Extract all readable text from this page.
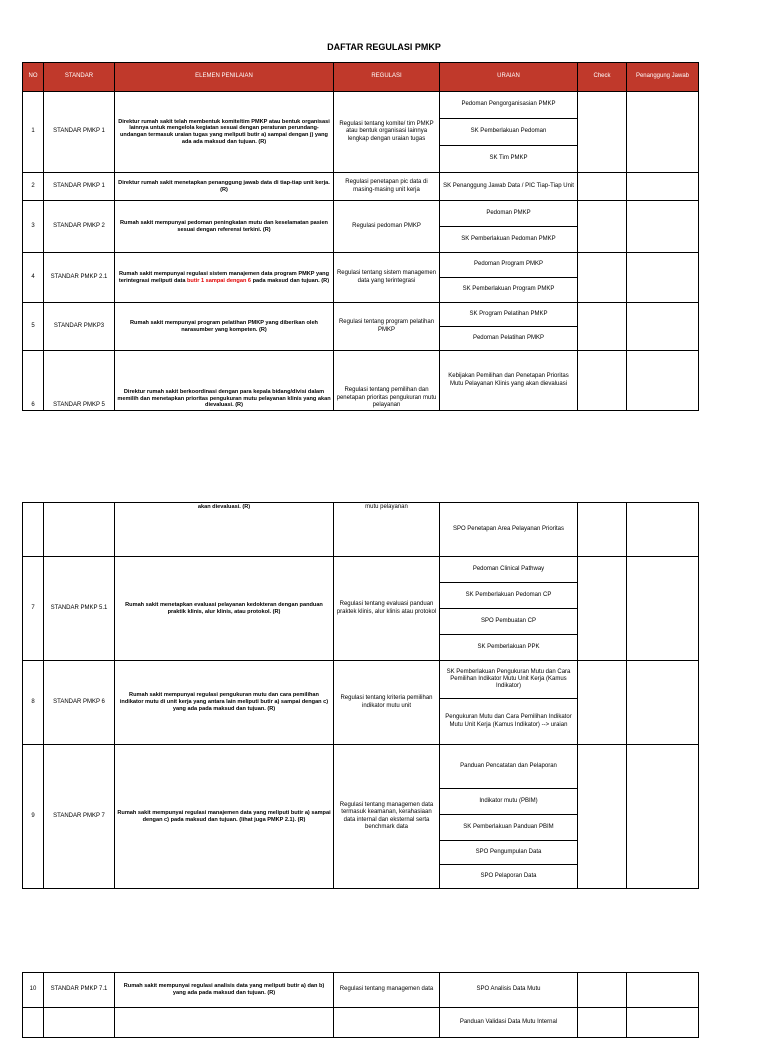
DAFTAR REGULASI PMKP
NO	STANDAR	ELEMEN PENILAIAN	REGULASI	URAIAN	Check	Penanggung Jawab
1	STANDAR PMKP 1	Direktur rumah sakit telah membentuk komite/tim PMKP atau bentuk organisasi lainnya untuk mengelola kegiatan sesuai dengan peraturan perundang-undangan termasuk uraian tugas yang meliputi butir a) sampai dengan j) yang ada ada maksud dan tujuan. (R)	Regulasi tentang komite/ tim PMKP atau bentuk organisasi lainnya lengkap dengan uraian tugas	Pedoman Pengorganisasian PMKP		
				SK Pemberlakuan Pedoman		
				SK Tim PMKP		
2	STANDAR PMKP 1	Direktur rumah sakit menetapkan penanggung jawab data di tiap-tiap unit kerja. (R)	Regulasi penetapan pic data di masing-masing unit kerja	SK Penanggung Jawab Data / PIC Tiap-Tiap Unit		
3	STANDAR PMKP 2	Rumah sakit mempunyai pedoman peningkatan mutu dan keselamatan pasien sesuai dengan referensi terkini. (R)	Regulasi pedoman PMKP	Pedoman PMKP		
				SK Pemberlakuan Pedoman PMKP		
4	STANDAR PMKP 2.1	Rumah sakit mempunyai regulasi sistem manajemen data program PMKP yang terintegrasi meliputi data butir 1 sampai dengan 6 pada maksud dan tujuan. (R)	Regulasi tentang sistem managemen data yang terintegrasi	Pedoman Program PMKP		
				SK Pemberlakuan Program PMKP		
5	STANDAR PMKP3	Rumah sakit mempunyai program pelatihan PMKP yang diberikan oleh narasumber yang kompeten. (R)	Regulasi tentang program pelatihan PMKP	SK Program Pelatihan PMKP		
				Pedoman Pelatihan PMKP		
6	STANDAR PMKP 5	Direktur rumah sakit berkoordinasi dengan para kepala bidang/divisi dalam memilih dan menetapkan prioritas pengukuran mutu pelayanan klinis yang akan dievaluasi. (R)	Regulasi tentang pemilihan dan penetapan prioritas pengukuran mutu pelayanan	Kebijakan Pemilihan dan Penetapan Prioritas Mutu Pelayanan Klinis yang akan dievaluasi		
		akan dievaluasi. (R)	mutu pelayanan	SPO Penetapan Area Pelayanan Prioritas		
7	STANDAR PMKP 5.1	Rumah sakit menetapkan evaluasi pelayanan kedokteran dengan panduan praktik klinis, alur klinis, atau protokol. (R)	Regulasi tentang evaluasi panduan praktek klinis, alur klinis atau protokol	Pedoman Clinical Pathway		
				SK Pemberlakuan Pedoman CP		
				SPO Pembuatan CP		
				SK Pemberlakuan PPK		
8	STANDAR PMKP 6	Rumah sakit mempunyai regulasi pengukuran mutu dan cara pemilihan indikator mutu di unit kerja yang antara lain meliputi butir a) sampai dengan c) yang ada pada maksud dan tujuan. (R)	Regulasi tentang kriteria pemilihan indikator mutu unit	SK Pemberlakuan Pengukuran Mutu dan Cara Pemilihan Indikator Mutu Unit Kerja (Kamus Indikator)		
				Pengukuran Mutu dan Cara Pemilihan Indikator Mutu Unit Kerja (Kamus Indikator) --> uraian		
9	STANDAR PMKP 7	Rumah sakit mempunyai regulasi manajemen data yang meliputi butir a) sampai dengan c) pada maksud dan tujuan. (lihat juga PMKP 2.1). (R)	Regulasi tentang managemen data termasuk keamanan, kerahasiaan data internal dan eksternal serta benchmark data	Panduan Pencatatan dan Pelaporan		
				Indikator mutu (PBIM)		
				SK Pemberlakuan Panduan PBIM		
				SPO Pengumpulan Data		
				SPO Pelaporan Data		
10	STANDAR PMKP 7.1	Rumah sakit mempunyai regulasi analisis data yang meliputi butir a) dan b) yang ada pada maksud dan tujuan. (R)	Regulasi tentang managemen data	SPO Analisis Data Mutu		
				Panduan Validasi Data Mutu Internal		
